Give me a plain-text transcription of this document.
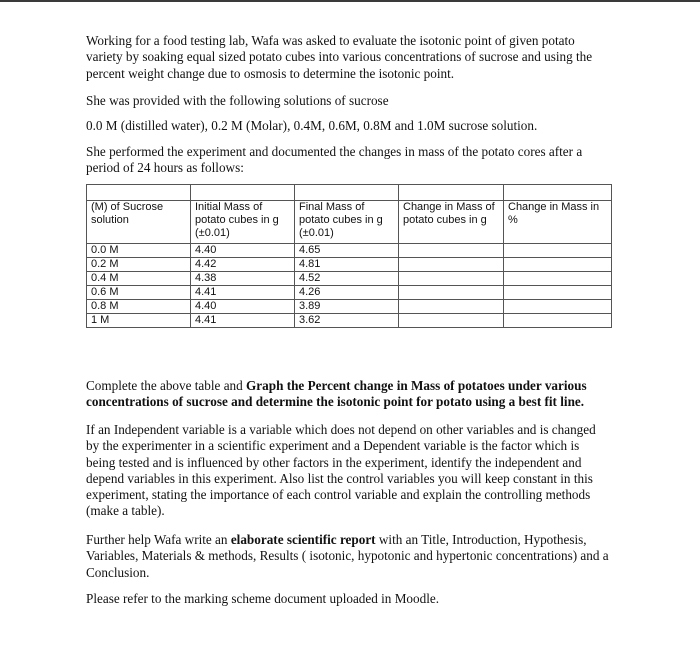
Working for a food testing lab, Wafa was asked to evaluate the isotonic point of given potato variety by soaking equal sized potato cubes into various concentrations of sucrose and using the percent weight change due to osmosis to determine the isotonic point.

She was provided with the following solutions of sucrose

0.0 M (distilled water), 0.2 M (Molar), 0.4M, 0.6M, 0.8M and 1.0M sucrose solution.

She performed the experiment and documented the changes in mass of the potato cores after a period of 24 hours as follows:

(M) of Sucrose solution	Initial Mass of potato cubes in g (±0.01)	Final Mass of potato cubes in g (±0.01)	Change in Mass of potato cubes in g	Change in Mass in %
0.0 M	4.40	4.65		
0.2 M	4.42	4.81		
0.4 M	4.38	4.52		
0.6 M	4.41	4.26		
0.8 M	4.40	3.89		
1 M	4.41	3.62		

Complete the above table and Graph the Percent change in Mass of potatoes under various concentrations of sucrose and determine the isotonic point for potato using a best fit line.

If an Independent variable is a variable which does not depend on other variables and is changed by the experimenter in a scientific experiment and a Dependent variable is the factor which is being tested and is influenced by other factors in the experiment, identify the independent and depend variables in this experiment. Also list the control variables you will keep constant in this experiment, stating the importance of each control variable and explain the controlling methods (make a table).

Further help Wafa write an elaborate scientific report with an Title, Introduction, Hypothesis, Variables, Materials & methods, Results ( isotonic, hypotonic and hypertonic concentrations) and a Conclusion.

Please refer to the marking scheme document uploaded in Moodle.
